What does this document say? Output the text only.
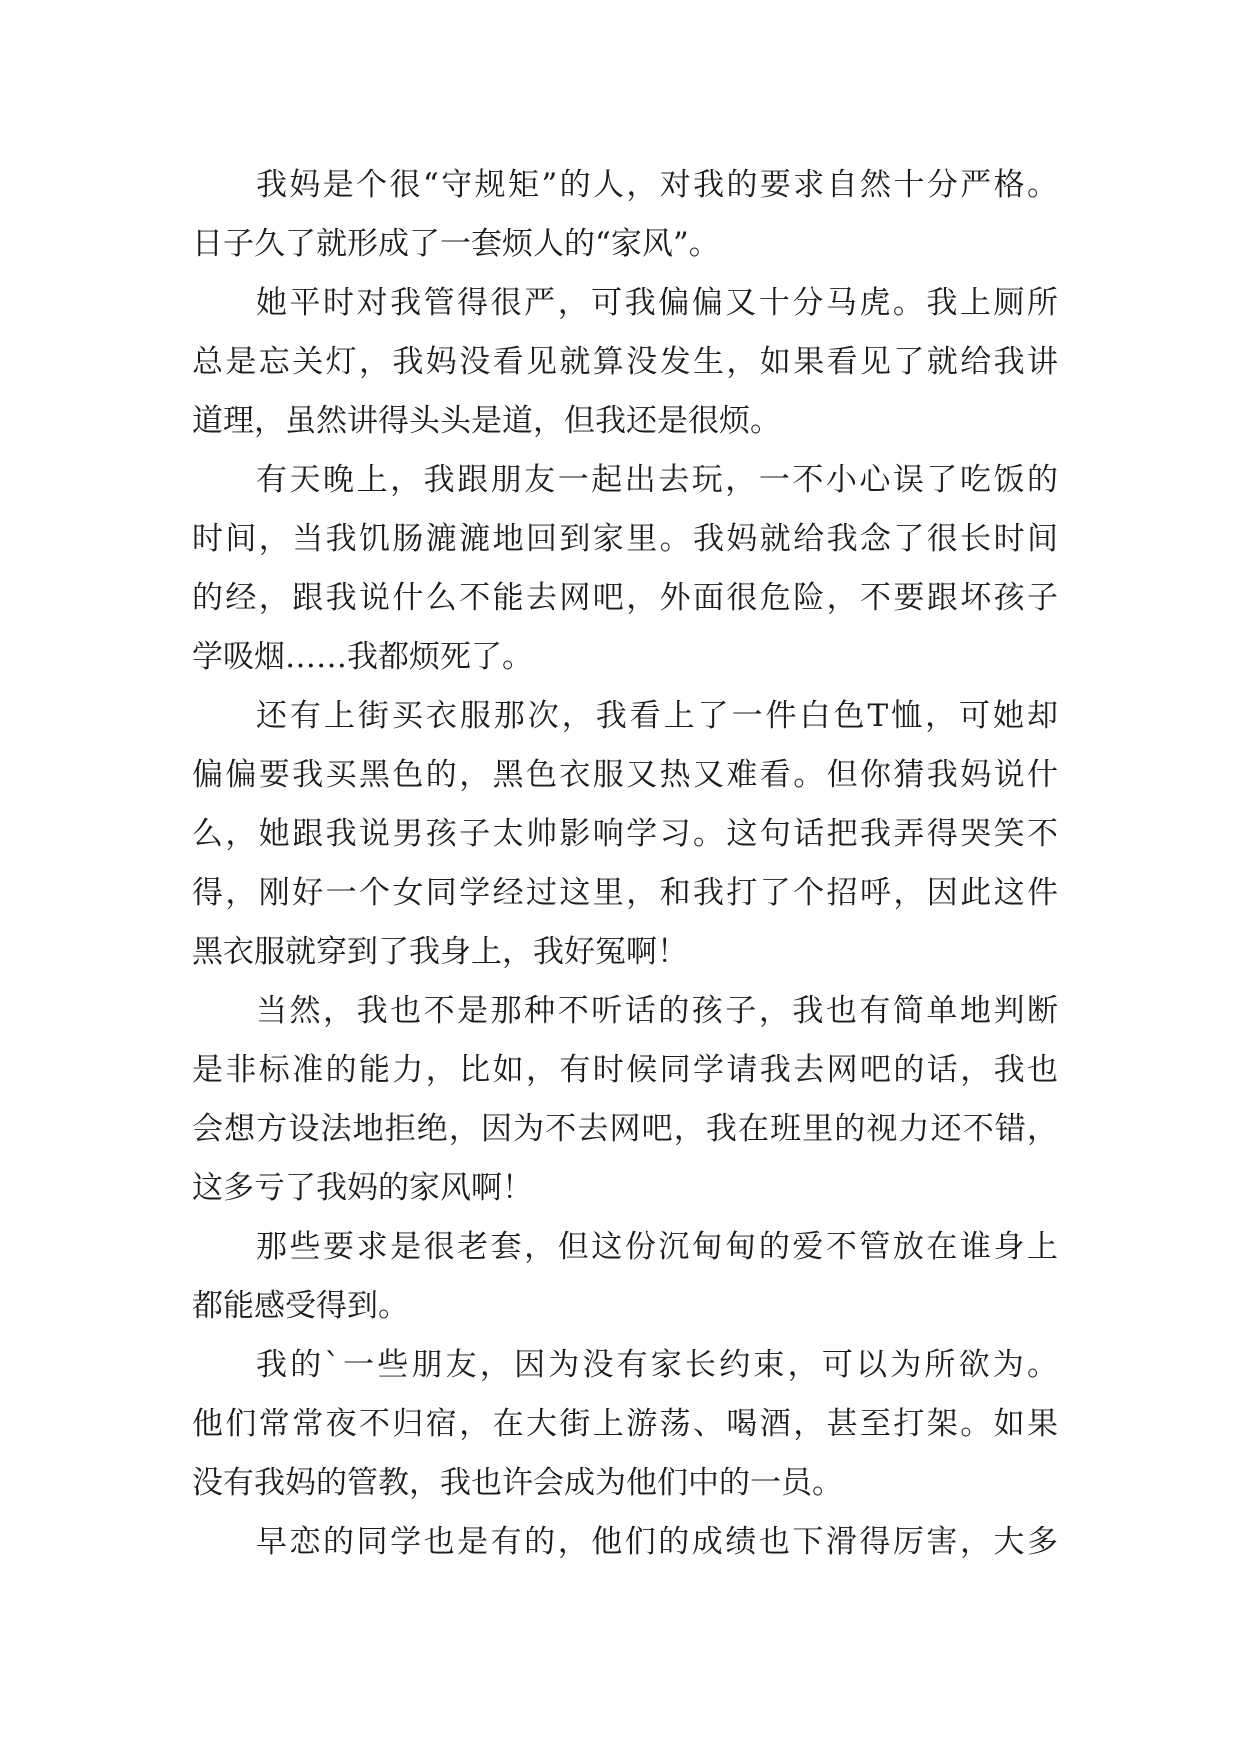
我妈是个很“守规矩”的人，对我的要求自然十分严格。
日子久了就形成了一套烦人的“家风”。
她平时对我管得很严，可我偏偏又十分马虎。我上厕所
总是忘关灯，我妈没看见就算没发生，如果看见了就给我讲
道理，虽然讲得头头是道，但我还是很烦。
有天晚上，我跟朋友一起出去玩，一不小心误了吃饭的
时间，当我饥肠漉漉地回到家里。我妈就给我念了很长时间
的经，跟我说什么不能去网吧，外面很危险，不要跟坏孩子
学吸烟……我都烦死了。
还有上街买衣服那次，我看上了一件白色T恤，可她却
偏偏要我买黑色的，黑色衣服又热又难看。但你猜我妈说什
么，她跟我说男孩子太帅影响学习。这句话把我弄得哭笑不
得，刚好一个女同学经过这里，和我打了个招呼，因此这件
黑衣服就穿到了我身上，我好冤啊！
当然，我也不是那种不听话的孩子，我也有简单地判断
是非标准的能力，比如，有时候同学请我去网吧的话，我也
会想方设法地拒绝，因为不去网吧，我在班里的视力还不错，
这多亏了我妈的家风啊！
那些要求是很老套，但这份沉甸甸的爱不管放在谁身上
都能感受得到。
我的`一些朋友，因为没有家长约束，可以为所欲为。
他们常常夜不归宿，在大街上游荡、喝酒，甚至打架。如果
没有我妈的管教，我也许会成为他们中的一员。
早恋的同学也是有的，他们的成绩也下滑得厉害，大多
